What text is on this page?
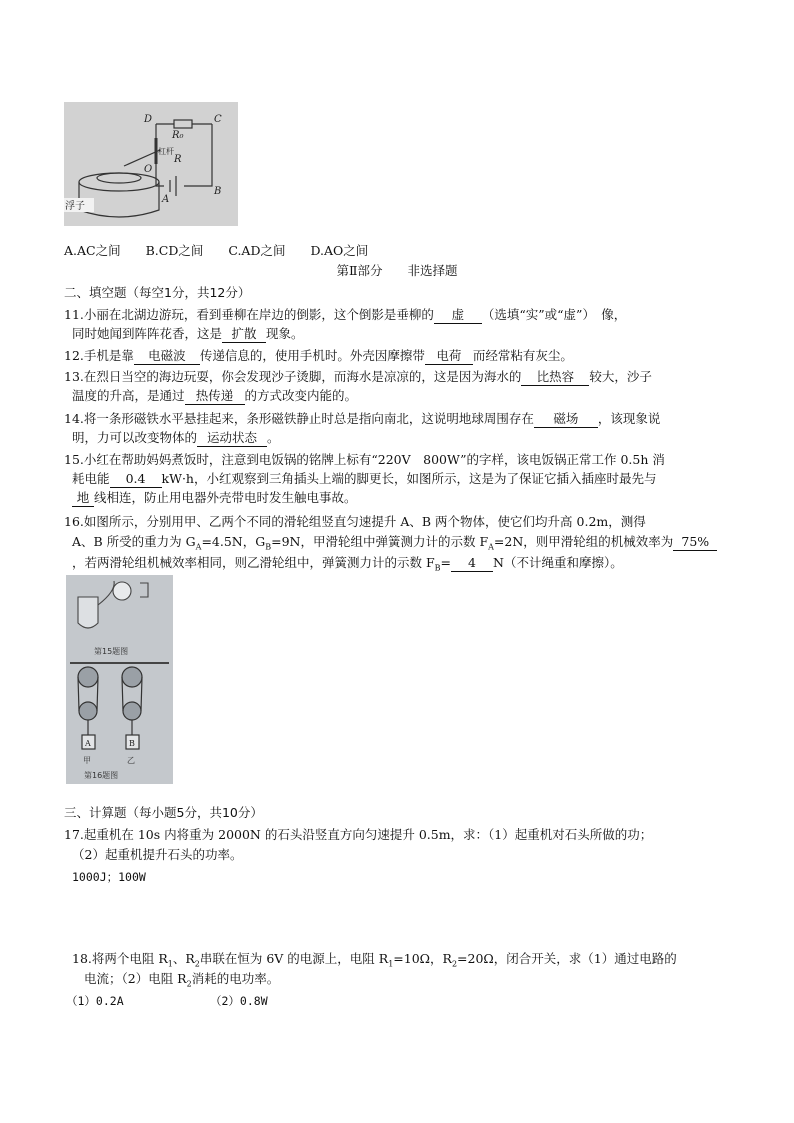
D	C
R₀
R
O
A
B
杠杆
浮子
A.AC之间　　B.CD之间　　C.AD之间　　D.AO之间
第Ⅱ部分　　非选择题
二、填空题（每空1分，共12分）
11.小丽在北湖边游玩，看到垂柳在岸边的倒影，这个倒影是垂柳的 虚 （选填“实”或“虚”）　像，
同时她闻到阵阵花香，这是 扩散 现象。
12.手机是靠 电磁波 传递信息的，使用手机时。外壳因摩擦带 电荷 而经常粘有灰尘。
13.在烈日当空的海边玩耍，你会发现沙子烫脚，而海水是凉凉的，这是因为海水的 比热容 较大，沙子
温度的升高，是通过 热传递 的方式改变内能的。
14.将一条形磁铁水平悬挂起来，条形磁铁静止时总是指向南北，这说明地球周围存在 磁场 ，该现象说
明，力可以改变物体的 运动状态 。
15.小红在帮助妈妈煮饭时，注意到电饭锅的铭牌上标有“220V　800W”的字样，该电饭锅正常工作 0.5h 消
耗电能 0.4 kW·h，小红观察到三角插头上端的脚更长，如图所示，这是为了保证它插入插座时最先与
地 线相连，防止用电器外壳带电时发生触电事故。
16.如图所示，分别用甲、乙两个不同的滑轮组竖直匀速提升 A、B 两个物体，使它们均升高 0.2m，测得
A、B 所受的重力为 $G_A=4.5N$，$G_B=9N$，甲滑轮组中弹簧测力计的示数 $F_A=2N$，则甲滑轮组的机械效率为 75%
，若两滑轮组机械效率相同，则乙滑轮组中，弹簧测力计的示数 $F_B= 4$ N（不计绳重和摩擦）。
第15题图
A	B
甲	乙
第16题图
三、计算题（每小题5分，共10分）
17.起重机在 10s 内将重为 2000N 的石头沿竖直方向匀速提升 0.5m，求：（1）起重机对石头所做的功；
（2）起重机提升石头的功率。
1000J；100W
18.将两个电阻 $R_1$、$R_2$串联在恒为 6V 的电源上，电阻 $R_1=10\Omega$，$R_2=20\Omega$，闭合开关，求（1）通过电路的
电流；（2）电阻 $R_2$消耗的电功率。
（1）0.2A	（2）0.8W
